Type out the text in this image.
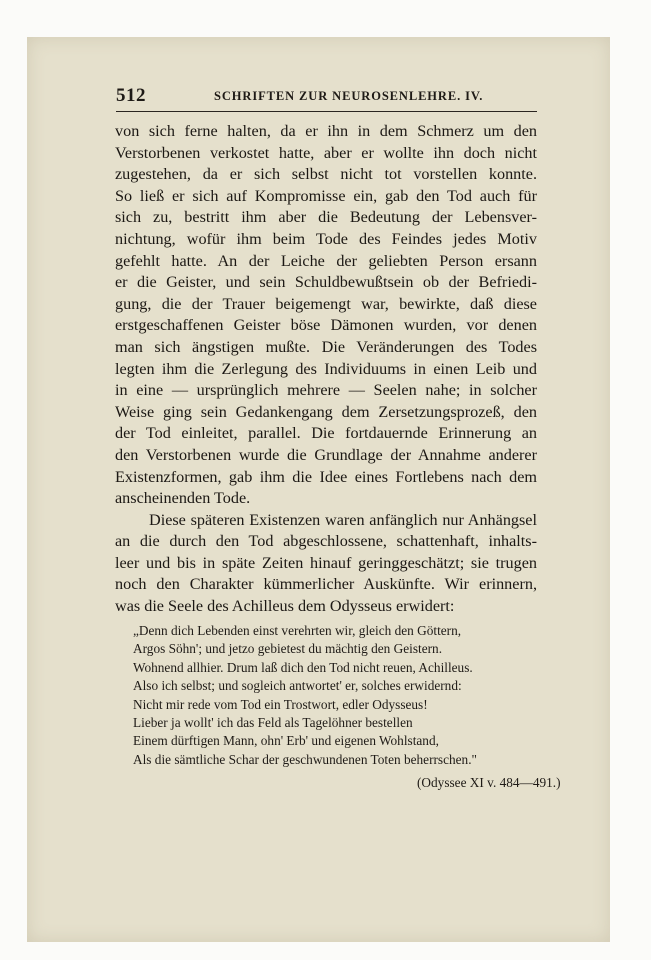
512	SCHRIFTEN ZUR NEUROSENLEHRE. IV.
von sich ferne halten, da er ihn in dem Schmerz um den
Verstorbenen verkostet hatte, aber er wollte ihn doch nicht
zugestehen, da er sich selbst nicht tot vorstellen konnte.
So ließ er sich auf Kompromisse ein, gab den Tod auch für
sich zu, bestritt ihm aber die Bedeutung der Lebensver-
nichtung, wofür ihm beim Tode des Feindes jedes Motiv
gefehlt hatte. An der Leiche der geliebten Person ersann
er die Geister, und sein Schuldbewußtsein ob der Befriedi-
gung, die der Trauer beigemengt war, bewirkte, daß diese
erstgeschaffenen Geister böse Dämonen wurden, vor denen
man sich ängstigen mußte. Die Veränderungen des Todes
legten ihm die Zerlegung des Individuums in einen Leib und
in eine — ursprünglich mehrere — Seelen nahe; in solcher
Weise ging sein Gedankengang dem Zersetzungsprozeß, den
der Tod einleitet, parallel. Die fortdauernde Erinnerung an
den Verstorbenen wurde die Grundlage der Annahme anderer
Existenzformen, gab ihm die Idee eines Fortlebens nach dem
anscheinenden Tode.
Diese späteren Existenzen waren anfänglich nur Anhängsel
an die durch den Tod abgeschlossene, schattenhaft, inhalts-
leer und bis in späte Zeiten hinauf geringgeschätzt; sie trugen
noch den Charakter kümmerlicher Auskünfte. Wir erinnern,
was die Seele des Achilleus dem Odysseus erwidert:
„Denn dich Lebenden einst verehrten wir, gleich den Göttern,
Argos Söhn'; und jetzo gebietest du mächtig den Geistern.
Wohnend allhier. Drum laß dich den Tod nicht reuen, Achilleus.
Also ich selbst; und sogleich antwortet' er, solches erwidernd:
Nicht mir rede vom Tod ein Trostwort, edler Odysseus!
Lieber ja wollt' ich das Feld als Tagelöhner bestellen
Einem dürftigen Mann, ohn' Erb' und eigenen Wohlstand,
Als die sämtliche Schar der geschwundenen Toten beherrschen."
(Odyssee XI v. 484—491.)
